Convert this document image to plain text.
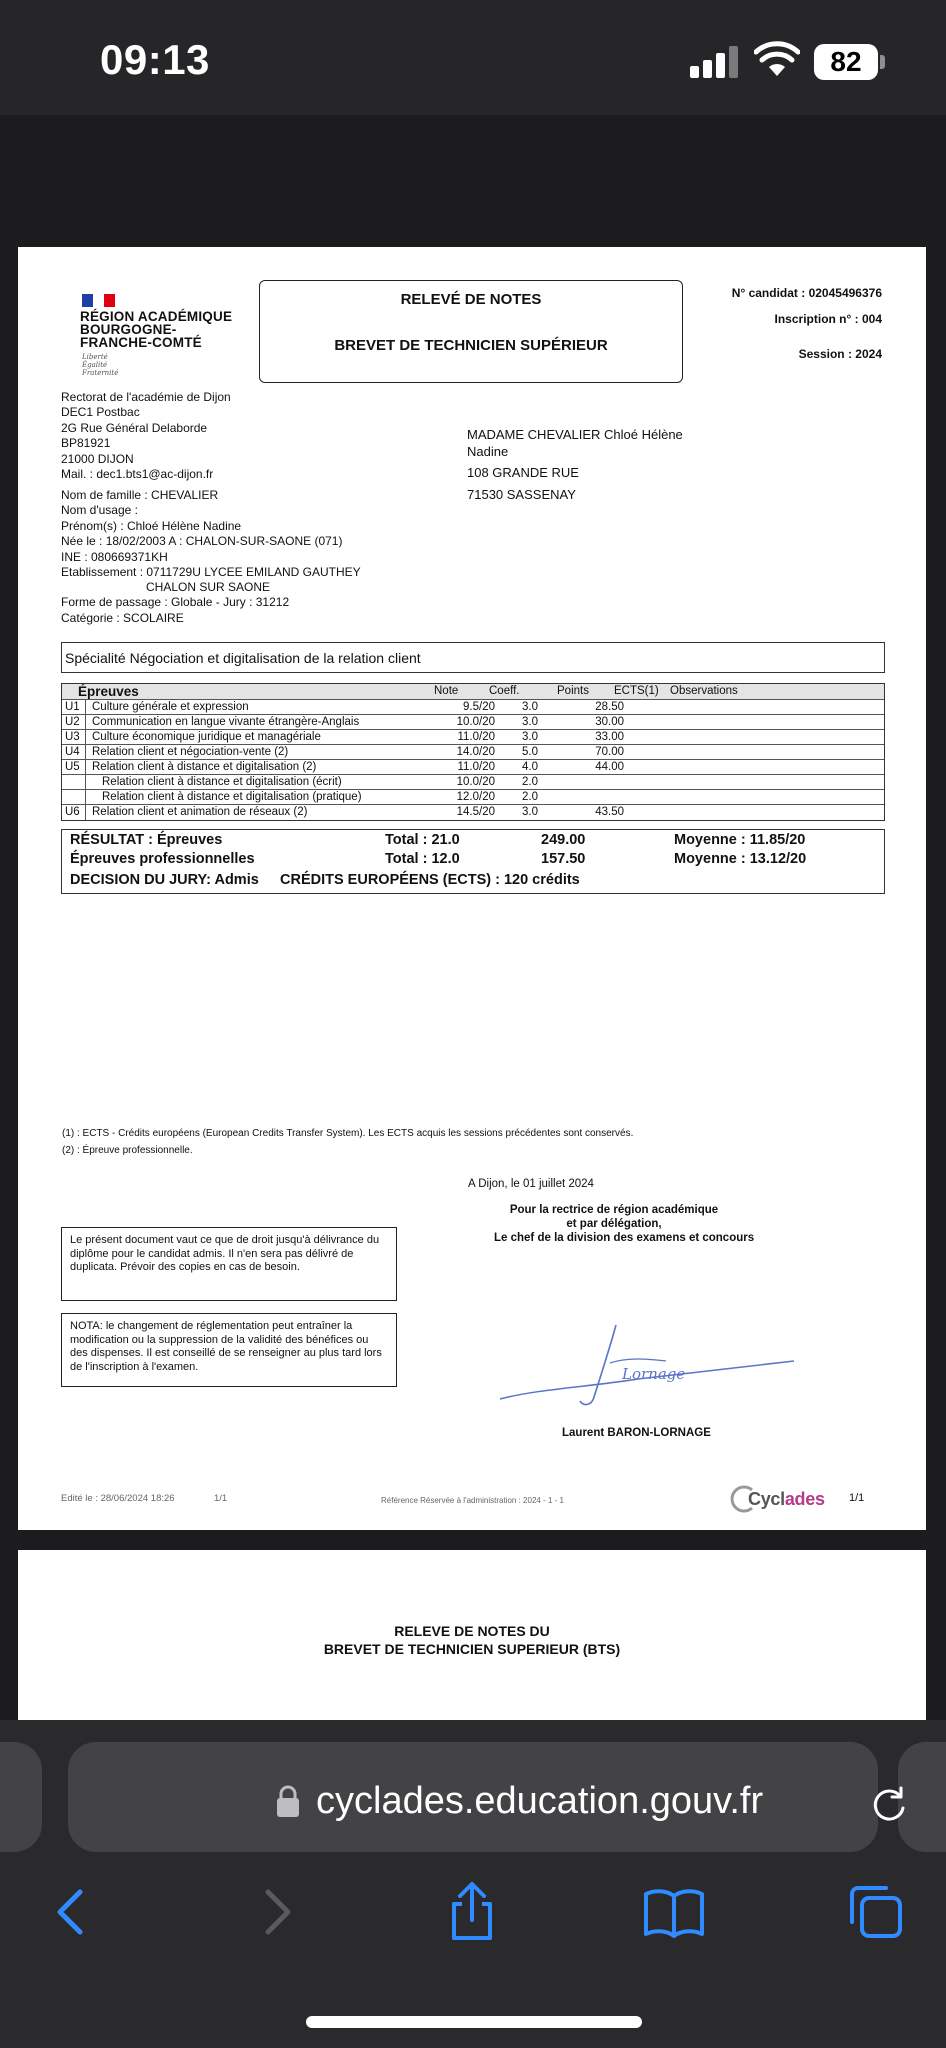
09:13	82
RÉGION ACADÉMIQUE
BOURGOGNE-
FRANCHE-COMTÉ
Liberté
Égalité
Fraternité
RELEVÉ DE NOTES
BREVET DE TECHNICIEN SUPÉRIEUR
N° candidat : 02045496376
Inscription n° : 004
Session : 2024
Rectorat de l'académie de Dijon
DEC1 Postbac
2G Rue Général Delaborde
BP81921
21000 DIJON
Mail. : dec1.bts1@ac-dijon.fr
MADAME CHEVALIER Chloé Hélène
Nadine
108 GRANDE RUE
71530 SASSENAY
Nom de famille : CHEVALIER
Nom d'usage :
Prénom(s) : Chloé Hélène Nadine
Née le : 18/02/2003 A : CHALON-SUR-SAONE (071)
INE : 080669371KH
Etablissement : 0711729U LYCEE EMILAND GAUTHEY
CHALON SUR SAONE
Forme de passage : Globale - Jury : 31212
Catégorie : SCOLAIRE
Spécialité Négociation et digitalisation de la relation client
Épreuves	Note	Coeff.	Points ECTS(1) Observations
U1 Culture générale et expression	9.5/20	3.0	28.50
U2 Communication en langue vivante étrangère-Anglais	10.0/20	3.0	30.00
U3 Culture économique juridique et managériale	11.0/20	3.0	33.00
U4 Relation client et négociation-vente (2)	14.0/20	5.0	70.00
U5 Relation client à distance et digitalisation (2)	11.0/20	4.0	44.00
Relation client à distance et digitalisation (écrit)	10.0/20	2.0
Relation client à distance et digitalisation (pratique)	12.0/20	2.0
U6 Relation client et animation de réseaux (2)	14.5/20	3.0	43.50
RÉSULTAT : Épreuves	Total : 21.0	249.00	Moyenne : 11.85/20
Épreuves professionnelles	Total : 12.0	157.50	Moyenne : 13.12/20
DECISION DU JURY: Admis CRÉDITS EUROPÉENS (ECTS) : 120 crédits
(1) : ECTS - Crédits européens (European Credits Transfer System). Les ECTS acquis les sessions précédentes sont conservés.
(2) : Épreuve professionnelle.
A Dijon, le 01 juillet 2024
Pour la rectrice de région académique
et par délégation,
Le chef de la division des examens et concours
Le présent document vaut ce que de droit jusqu'à délivrance du diplôme pour le candidat admis. Il n'en sera pas délivré de duplicata. Prévoir des copies en cas de besoin.
NOTA: le changement de réglementation peut entraîner la modification ou la suppression de la validité des bénéfices ou des dispenses. Il est conseillé de se renseigner au plus tard lors de l'inscription à l'examen.	Lornage
Laurent BARON-LORNAGE
Edité le : 28/06/2024 18:26	1/1	Référence Réservée à l'administration : 2024 - 1 - 1	Cyclades 1/1
RELEVE DE NOTES DU
BREVET DE TECHNICIEN SUPERIEUR (BTS)
cyclades.education.gouv.fr
